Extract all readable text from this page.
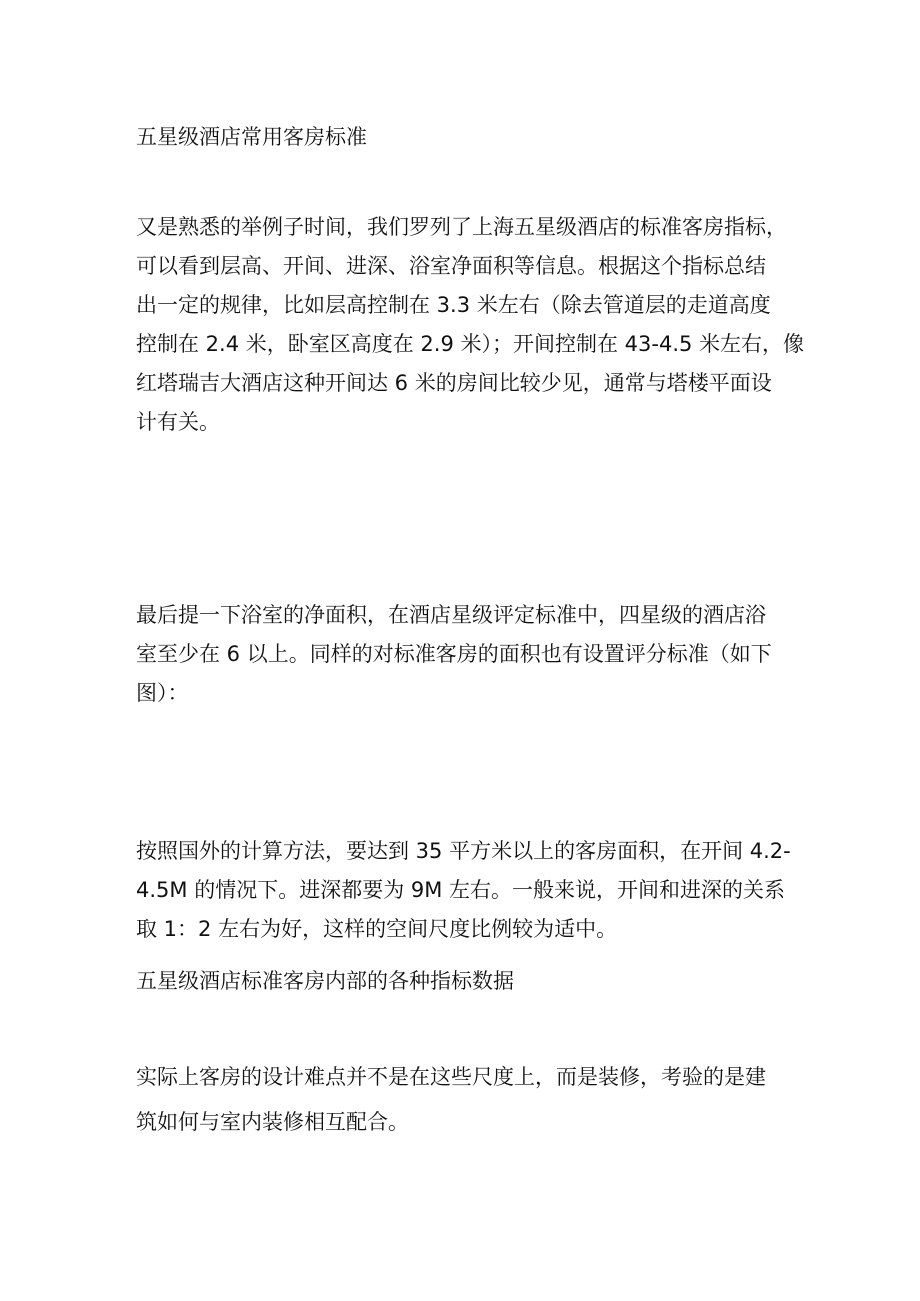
五星级酒店常用客房标准
又是熟悉的举例子时间，我们罗列了上海五星级酒店的标准客房指标，
可以看到层高、开间、进深、浴室净面积等信息。根据这个指标总结
出一定的规律，比如层高控制在 3.3 米左右（除去管道层的走道高度
控制在 2.4 米，卧室区高度在 2.9 米）；开间控制在 43-4.5 米左右，像
红塔瑞吉大酒店这种开间达 6 米的房间比较少见，通常与塔楼平面设
计有关。
最后提一下浴室的净面积，在酒店星级评定标准中，四星级的酒店浴
室至少在 6 以上。同样的对标准客房的面积也有设置评分标准（如下
图）：
按照国外的计算方法，要达到 35 平方米以上的客房面积，在开间 4.2-
4.5M 的情况下。进深都要为 9M 左右。一般来说，开间和进深的关系
取 1：2 左右为好，这样的空间尺度比例较为适中。
五星级酒店标准客房内部的各种指标数据
实际上客房的设计难点并不是在这些尺度上，而是装修，考验的是建
筑如何与室内装修相互配合。
